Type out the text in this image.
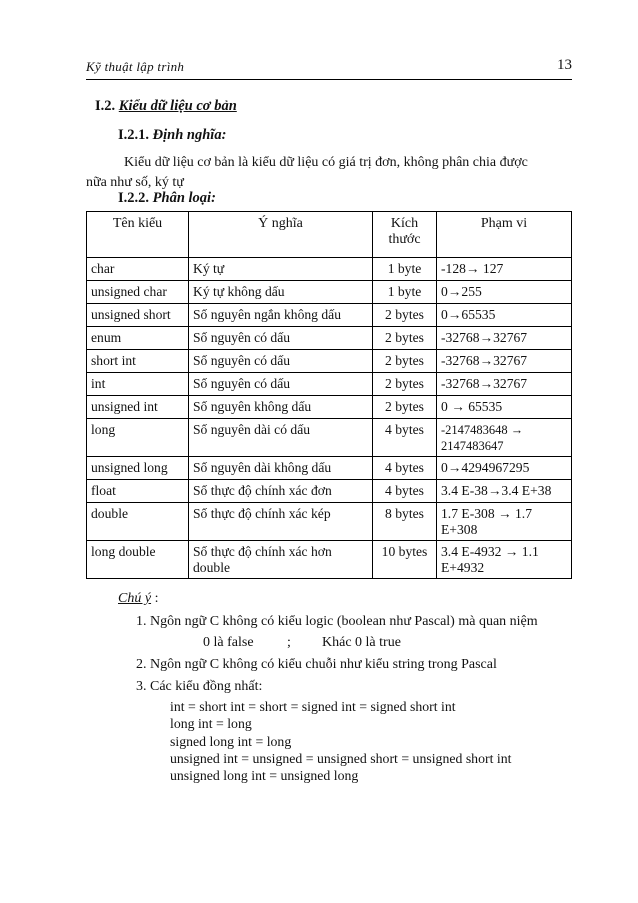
Kỹ thuật lập trình	13
I.2. Kiểu dữ liệu cơ bản
I.2.1. Định nghĩa:
Kiểu dữ liệu cơ bản là kiểu dữ liệu có giá trị đơn, không phân chia được
nữa như số, ký tự
I.2.2. Phân loại:
Tên kiểu	Ý nghĩa	Kích thước	Phạm vi
char	Ký tự	1 byte	-128→ 127
unsigned char	Ký tự không dấu	1 byte	0→255
unsigned short	Số nguyên ngắn không dấu	2 bytes	0→65535
enum	Số nguyên có dấu	2 bytes	-32768→32767
short int	Số nguyên có dấu	2 bytes	-32768→32767
int	Số nguyên có dấu	2 bytes	-32768→32767
unsigned int	Số nguyên không dấu	2 bytes	0 → 65535
long	Số nguyên dài có dấu	4 bytes	-2147483648 → 2147483647
unsigned long	Số nguyên dài không dấu	4 bytes	0→4294967295
float	Số thực độ chính xác đơn	4 bytes	3.4 E-38→3.4 E+38
double	Số thực độ chính xác kép	8 bytes	1.7 E-308 → 1.7 E+308
long double	Số thực độ chính xác hơn double	10 bytes	3.4 E-4932 → 1.1 E+4932
Chú ý :
1. Ngôn ngữ C không có kiểu logic (boolean như Pascal) mà quan niệm
0 là false ; Khác 0 là true
2. Ngôn ngữ C không có kiểu chuỗi như kiểu string trong Pascal
3. Các kiểu đồng nhất:
int = short int = short = signed int = signed short int
long int = long
signed long int = long
unsigned int = unsigned = unsigned short = unsigned short int
unsigned long int = unsigned long
